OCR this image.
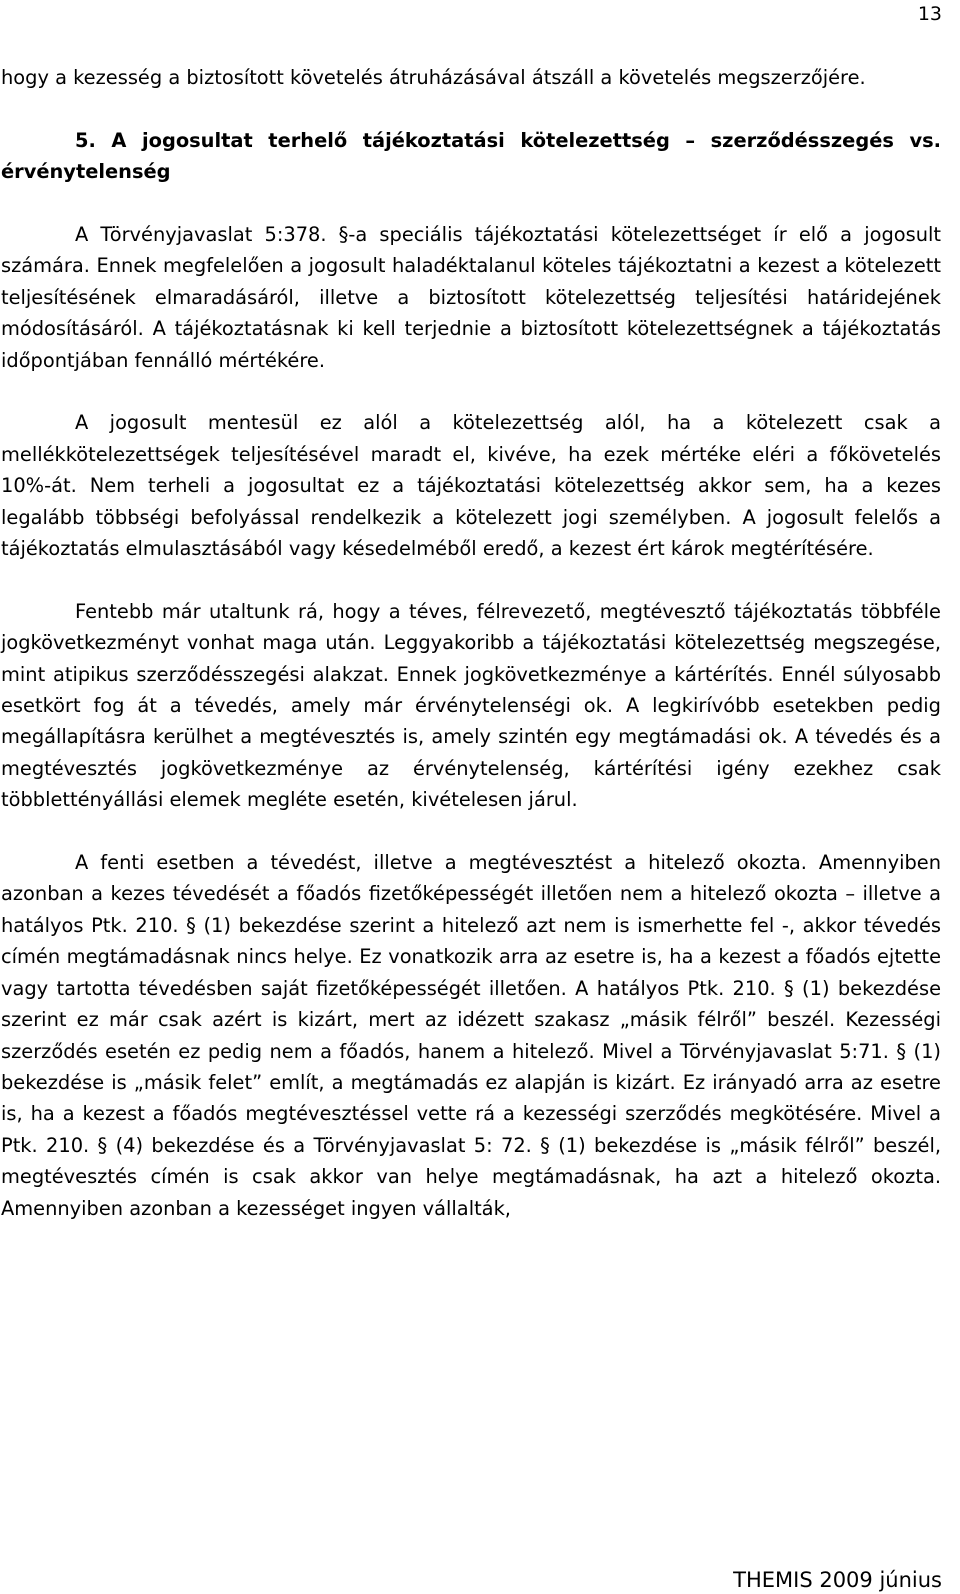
13

hogy a kezesség a biztosított követelés átruházásával átszáll a követelés megszerzőjére.

5. A jogosultat terhelő tájékoztatási kötelezettség – szerződésszegés vs. érvénytelenség

A Törvényjavaslat 5:378. §-a speciális tájékoztatási kötelezettséget ír elő a jogosult számára. Ennek megfelelően a jogosult haladéktalanul köteles tájékoztatni a kezest a kötelezett teljesítésének elmaradásáról, illetve a biztosított kötelezettség teljesítési határidejének módosításáról. A tájékoztatásnak ki kell terjednie a biztosított kötelezettségnek a tájékoztatás időpontjában fennálló mértékére.

A jogosult mentesül ez alól a kötelezettség alól, ha a kötelezett csak a mellékkötelezettségek teljesítésével maradt el, kivéve, ha ezek mértéke eléri a főkövetelés 10%-át. Nem terheli a jogosultat ez a tájékoztatási kötelezettség akkor sem, ha a kezes legalább többségi befolyással rendelkezik a kötelezett jogi személyben. A jogosult felelős a tájékoztatás elmulasztásából vagy késedelméből eredő, a kezest ért károk megtérítésére.

Fentebb már utaltunk rá, hogy a téves, félrevezető, megtévesztő tájékoztatás többféle jogkövetkezményt vonhat maga után. Leggyakoribb a tájékoztatási kötelezettség megszegése, mint atipikus szerződésszegési alakzat. Ennek jogkövetkezménye a kártérítés. Ennél súlyosabb esetkört fog át a tévedés, amely már érvénytelenségi ok. A legkirívóbb esetekben pedig megállapításra kerülhet a megtévesztés is, amely szintén egy megtámadási ok. A tévedés és a megtévesztés jogkövetkezménye az érvénytelenség, kártérítési igény ezekhez csak többlettényállási elemek megléte esetén, kivételesen járul.

A fenti esetben a tévedést, illetve a megtévesztést a hitelező okozta. Amennyiben azonban a kezes tévedését a főadós fizetőképességét illetően nem a hitelező okozta – illetve a hatályos Ptk. 210. § (1) bekezdése szerint a hitelező azt nem is ismerhette fel -, akkor tévedés címén megtámadásnak nincs helye. Ez vonatkozik arra az esetre is, ha a kezest a főadós ejtette vagy tartotta tévedésben saját fizetőképességét illetően. A hatályos Ptk. 210. § (1) bekezdése szerint ez már csak azért is kizárt, mert az idézett szakasz „másik félről” beszél. Kezességi szerződés esetén ez pedig nem a főadós, hanem a hitelező. Mivel a Törvényjavaslat 5:71. § (1) bekezdése is „másik felet” említ, a megtámadás ez alapján is kizárt. Ez irányadó arra az esetre is, ha a kezest a főadós megtévesztéssel vette rá a kezességi szerződés megkötésére. Mivel a Ptk. 210. § (4) bekezdése és a Törvényjavaslat 5: 72. § (1) bekezdése is „másik félről” beszél, megtévesztés címén is csak akkor van helye megtámadásnak, ha azt a hitelező okozta. Amennyiben azonban a kezességet ingyen vállalták,

THEMIS 2009 június
